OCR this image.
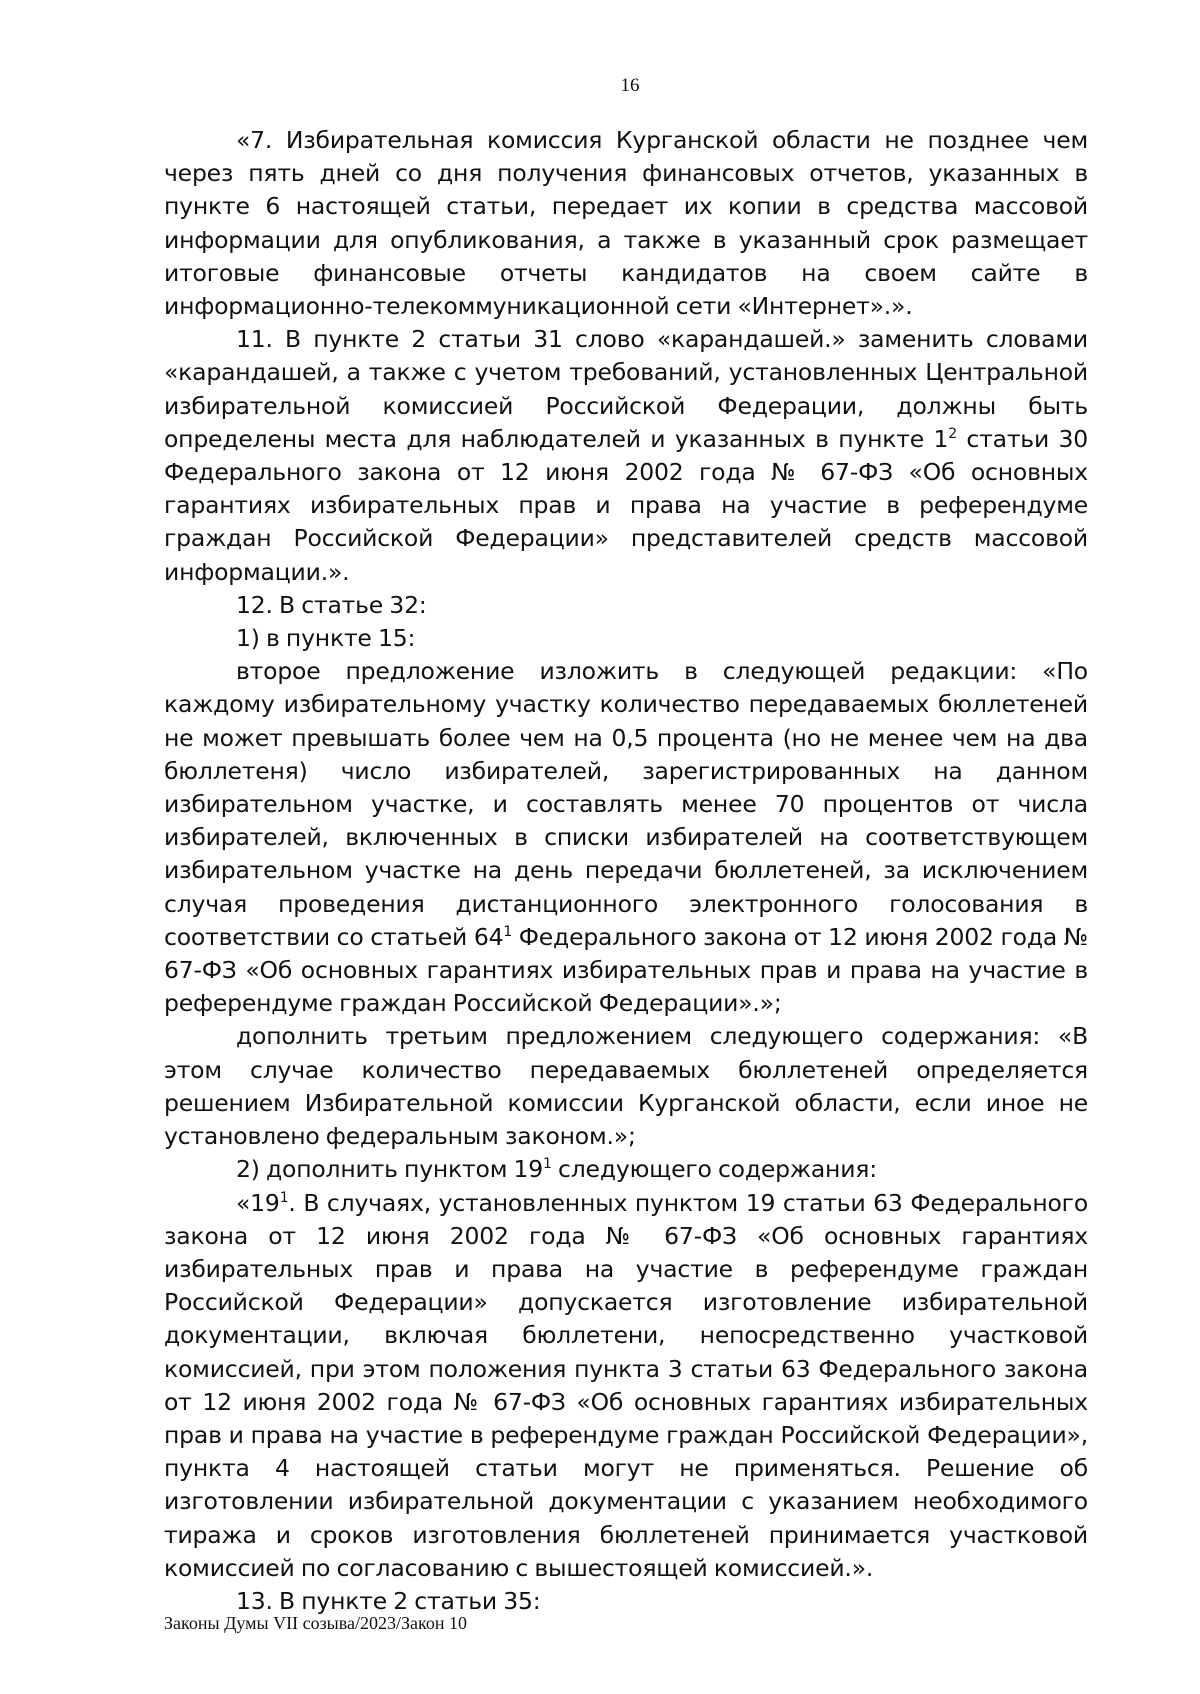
16

«7. Избирательная комиссия Курганской области не позднее чем через пять дней со дня получения финансовых отчетов, указанных в пункте 6 настоящей статьи, передает их копии в средства массовой информации для опубликования, а также в указанный срок размещает итоговые финансовые отчеты кандидатов на своем сайте в информационно-телекоммуникационной сети «Интернет».».

11. В пункте 2 статьи 31 слово «карандашей.» заменить словами «карандашей, а также с учетом требований, установленных Центральной избирательной комиссией Российской Федерации, должны быть определены места для наблюдателей и указанных в пункте $1^2$ статьи 30 Федерального закона от 12 июня 2002 года № 67-ФЗ «Об основных гарантиях избирательных прав и права на участие в референдуме граждан Российской Федерации» представителей средств массовой информации.».

12. В статье 32:

1) в пункте 15:

второе предложение изложить в следующей редакции: «По каждому избирательному участку количество передаваемых бюллетеней не может превышать более чем на 0,5 процента (но не менее чем на два бюллетеня) число избирателей, зарегистрированных на данном избирательном участке, и составлять менее 70 процентов от числа избирателей, включенных в списки избирателей на соответствующем избирательном участке на день передачи бюллетеней, за исключением случая проведения дистанционного электронного голосования в соответствии со статьей $64^1$ Федерального закона от 12 июня 2002 года № 67-ФЗ «Об основных гарантиях избирательных прав и права на участие в референдуме граждан Российской Федерации».»;

дополнить третьим предложением следующего содержания: «В этом случае количество передаваемых бюллетеней определяется решением Избирательной комиссии Курганской области, если иное не установлено федеральным законом.»;

2) дополнить пунктом $19^1$ следующего содержания:

«$19^1$. В случаях, установленных пунктом 19 статьи 63 Федерального закона от 12 июня 2002 года № 67-ФЗ «Об основных гарантиях избирательных прав и права на участие в референдуме граждан Российской Федерации» допускается изготовление избирательной документации, включая бюллетени, непосредственно участковой комиссией, при этом положения пункта 3 статьи 63 Федерального закона от 12 июня 2002 года № 67-ФЗ «Об основных гарантиях избирательных прав и права на участие в референдуме граждан Российской Федерации», пункта 4 настоящей статьи могут не применяться. Решение об изготовлении избирательной документации с указанием необходимого тиража и сроков изготовления бюллетеней принимается участковой комиссией по согласованию с вышестоящей комиссией.».

13. В пункте 2 статьи 35:

Законы Думы VII созыва/2023/Закон 10
